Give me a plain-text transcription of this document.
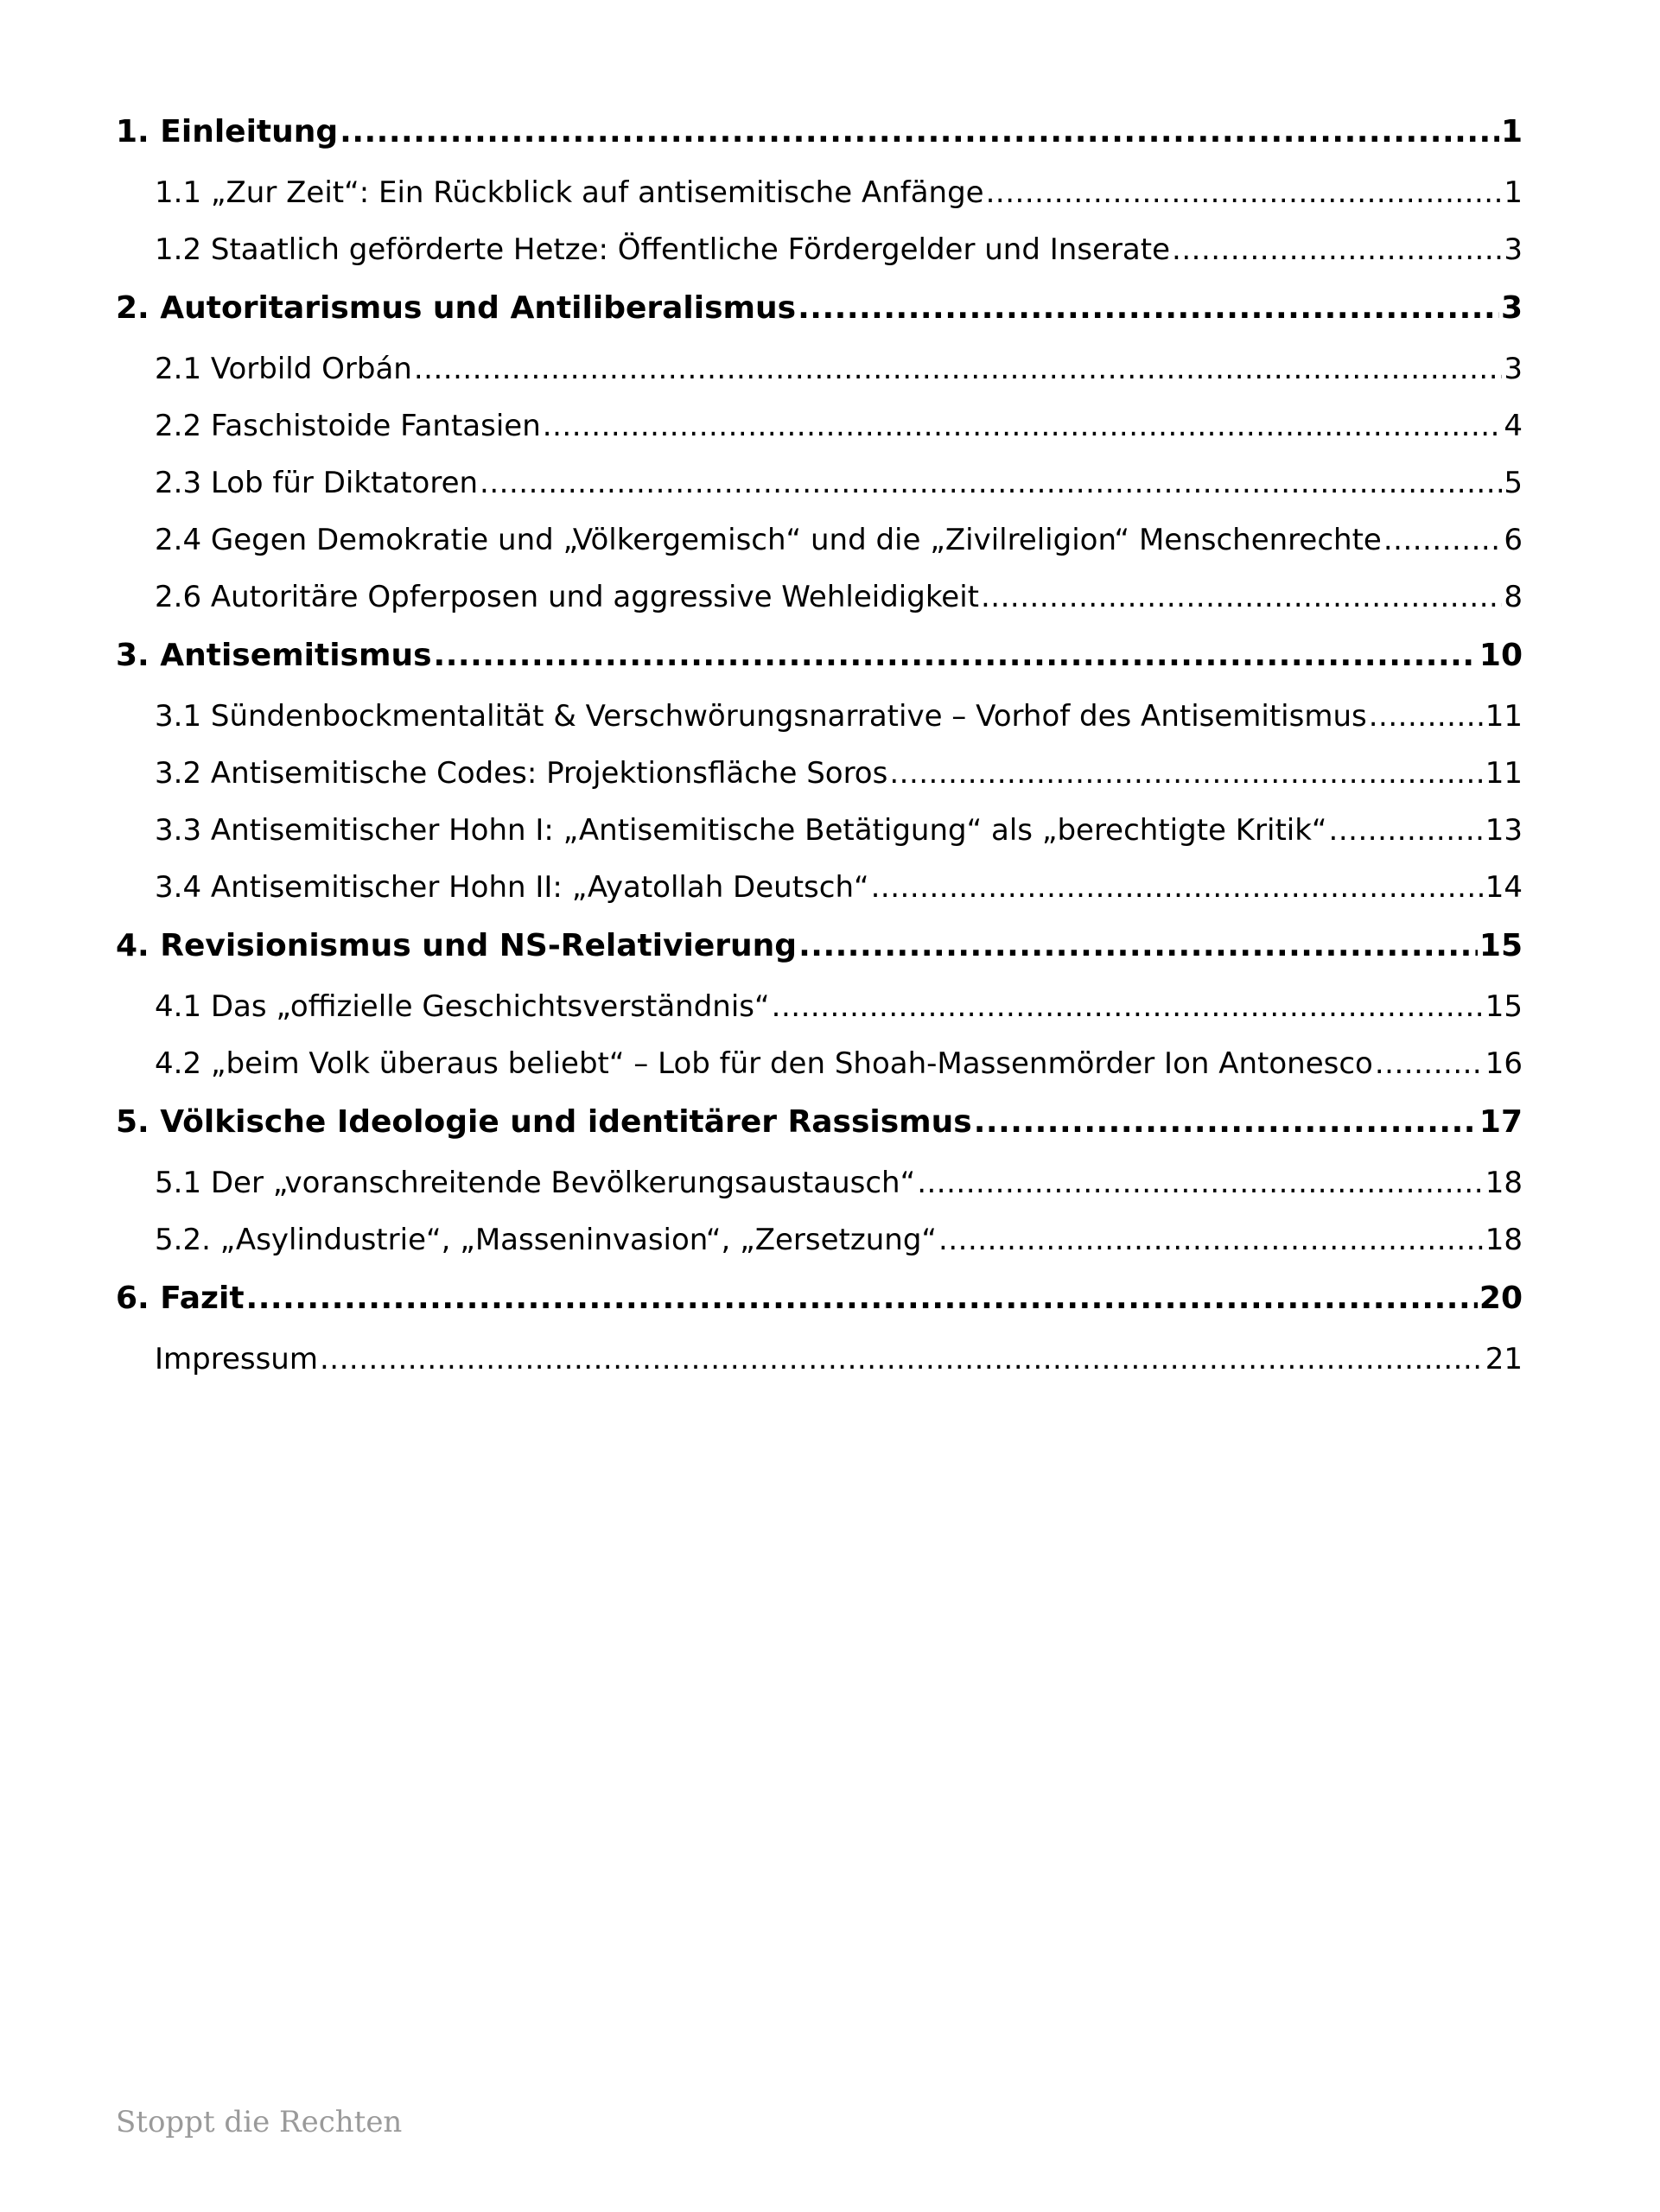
1. Einleitung .....	1
1.1 „Zur Zeit“: Ein Rückblick auf antisemitische Anfänge .....	1
1.2 Staatlich geförderte Hetze: Öffentliche Fördergelder und Inserate .....	3
2. Autoritarismus und Antiliberalismus .....	3
2.1 Vorbild Orbán .....	3
2.2 Faschistoide Fantasien .....	4
2.3 Lob für Diktatoren .....	5
2.4 Gegen Demokratie und „Völkergemisch“ und die „Zivilreligion“ Menschenrechte .....	6
2.6 Autoritäre Opferposen und aggressive Wehleidigkeit .....	8
3. Antisemitismus .....	10
3.1 Sündenbockmentalität & Verschwörungsnarrative – Vorhof des Antisemitismus .....	11
3.2 Antisemitische Codes: Projektionsfläche Soros .....	11
3.3 Antisemitischer Hohn I: „Antisemitische Betätigung“ als „berechtigte Kritik“ .....	13
3.4 Antisemitischer Hohn II: „Ayatollah Deutsch“ .....	14
4. Revisionismus und NS-Relativierung .....	15
4.1 Das „offizielle Geschichtsverständnis“ .....	15
4.2 „beim Volk überaus beliebt“ – Lob für den Shoah-Massenmörder Ion Antonesco .....	16
5. Völkische Ideologie und identitärer Rassismus .....	17
5.1 Der „voranschreitende Bevölkerungsaustausch“ .....	18
5.2. „Asylindustrie“, „Masseninvasion“, „Zersetzung“ .....	18
6. Fazit .....	20
Impressum .....	21
Stoppt die Rechten
